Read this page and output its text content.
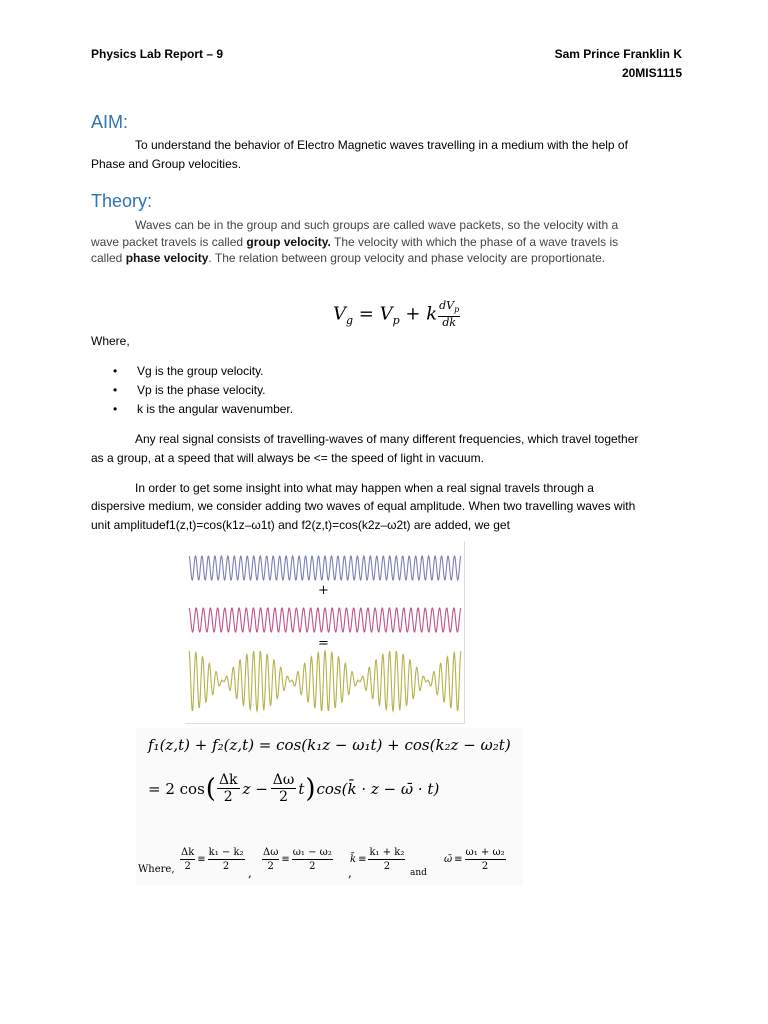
Physics Lab Report – 9	Sam Prince Franklin K
20MIS1115
AIM:
To understand the behavior of Electro Magnetic waves travelling in a medium with the help of
Phase and Group velocities.
Theory:
Waves can be in the group and such groups are called wave packets, so the velocity with a
wave packet travels is called group velocity. The velocity with which the phase of a wave travels is
called phase velocity. The relation between group velocity and phase velocity are proportionate.
$V_g = V_p + k$ $dV_p$
dk
Where,
• Vg is the group velocity.
• Vp is the phase velocity.
• k is the angular wavenumber.
Any real signal consists of travelling-waves of many different frequencies, which travel together
as a group, at a speed that will always be <= the speed of light in vacuum.
In order to get some insight into what may happen when a real signal travels through a
dispersive medium, we consider adding two waves of equal amplitude. When two travelling waves with
unit amplitudef1(z,t)=cos(k1z–ω1t) and f2(z,t)=cos(k2z–ω2t) are added, we get
+
=
f₁(z,t) + f₂(z,t) = cos(k₁z − ω₁t) + cos(k₂z − ω₂t)
= 2 cos ( Δk
2 $z - \frac{\Delta\omega}{2}$ t ) cos(k̄ · z − ω̄ · t)
Where,
Δk
2
≡
k₁ − k₂
2 ,
Δω
2
≡
ω₁ − ω₂
2	,
k̄ ≡
k₁ + k₂
2
and
ω̄ ≡
ω₁ + ω₂
2
